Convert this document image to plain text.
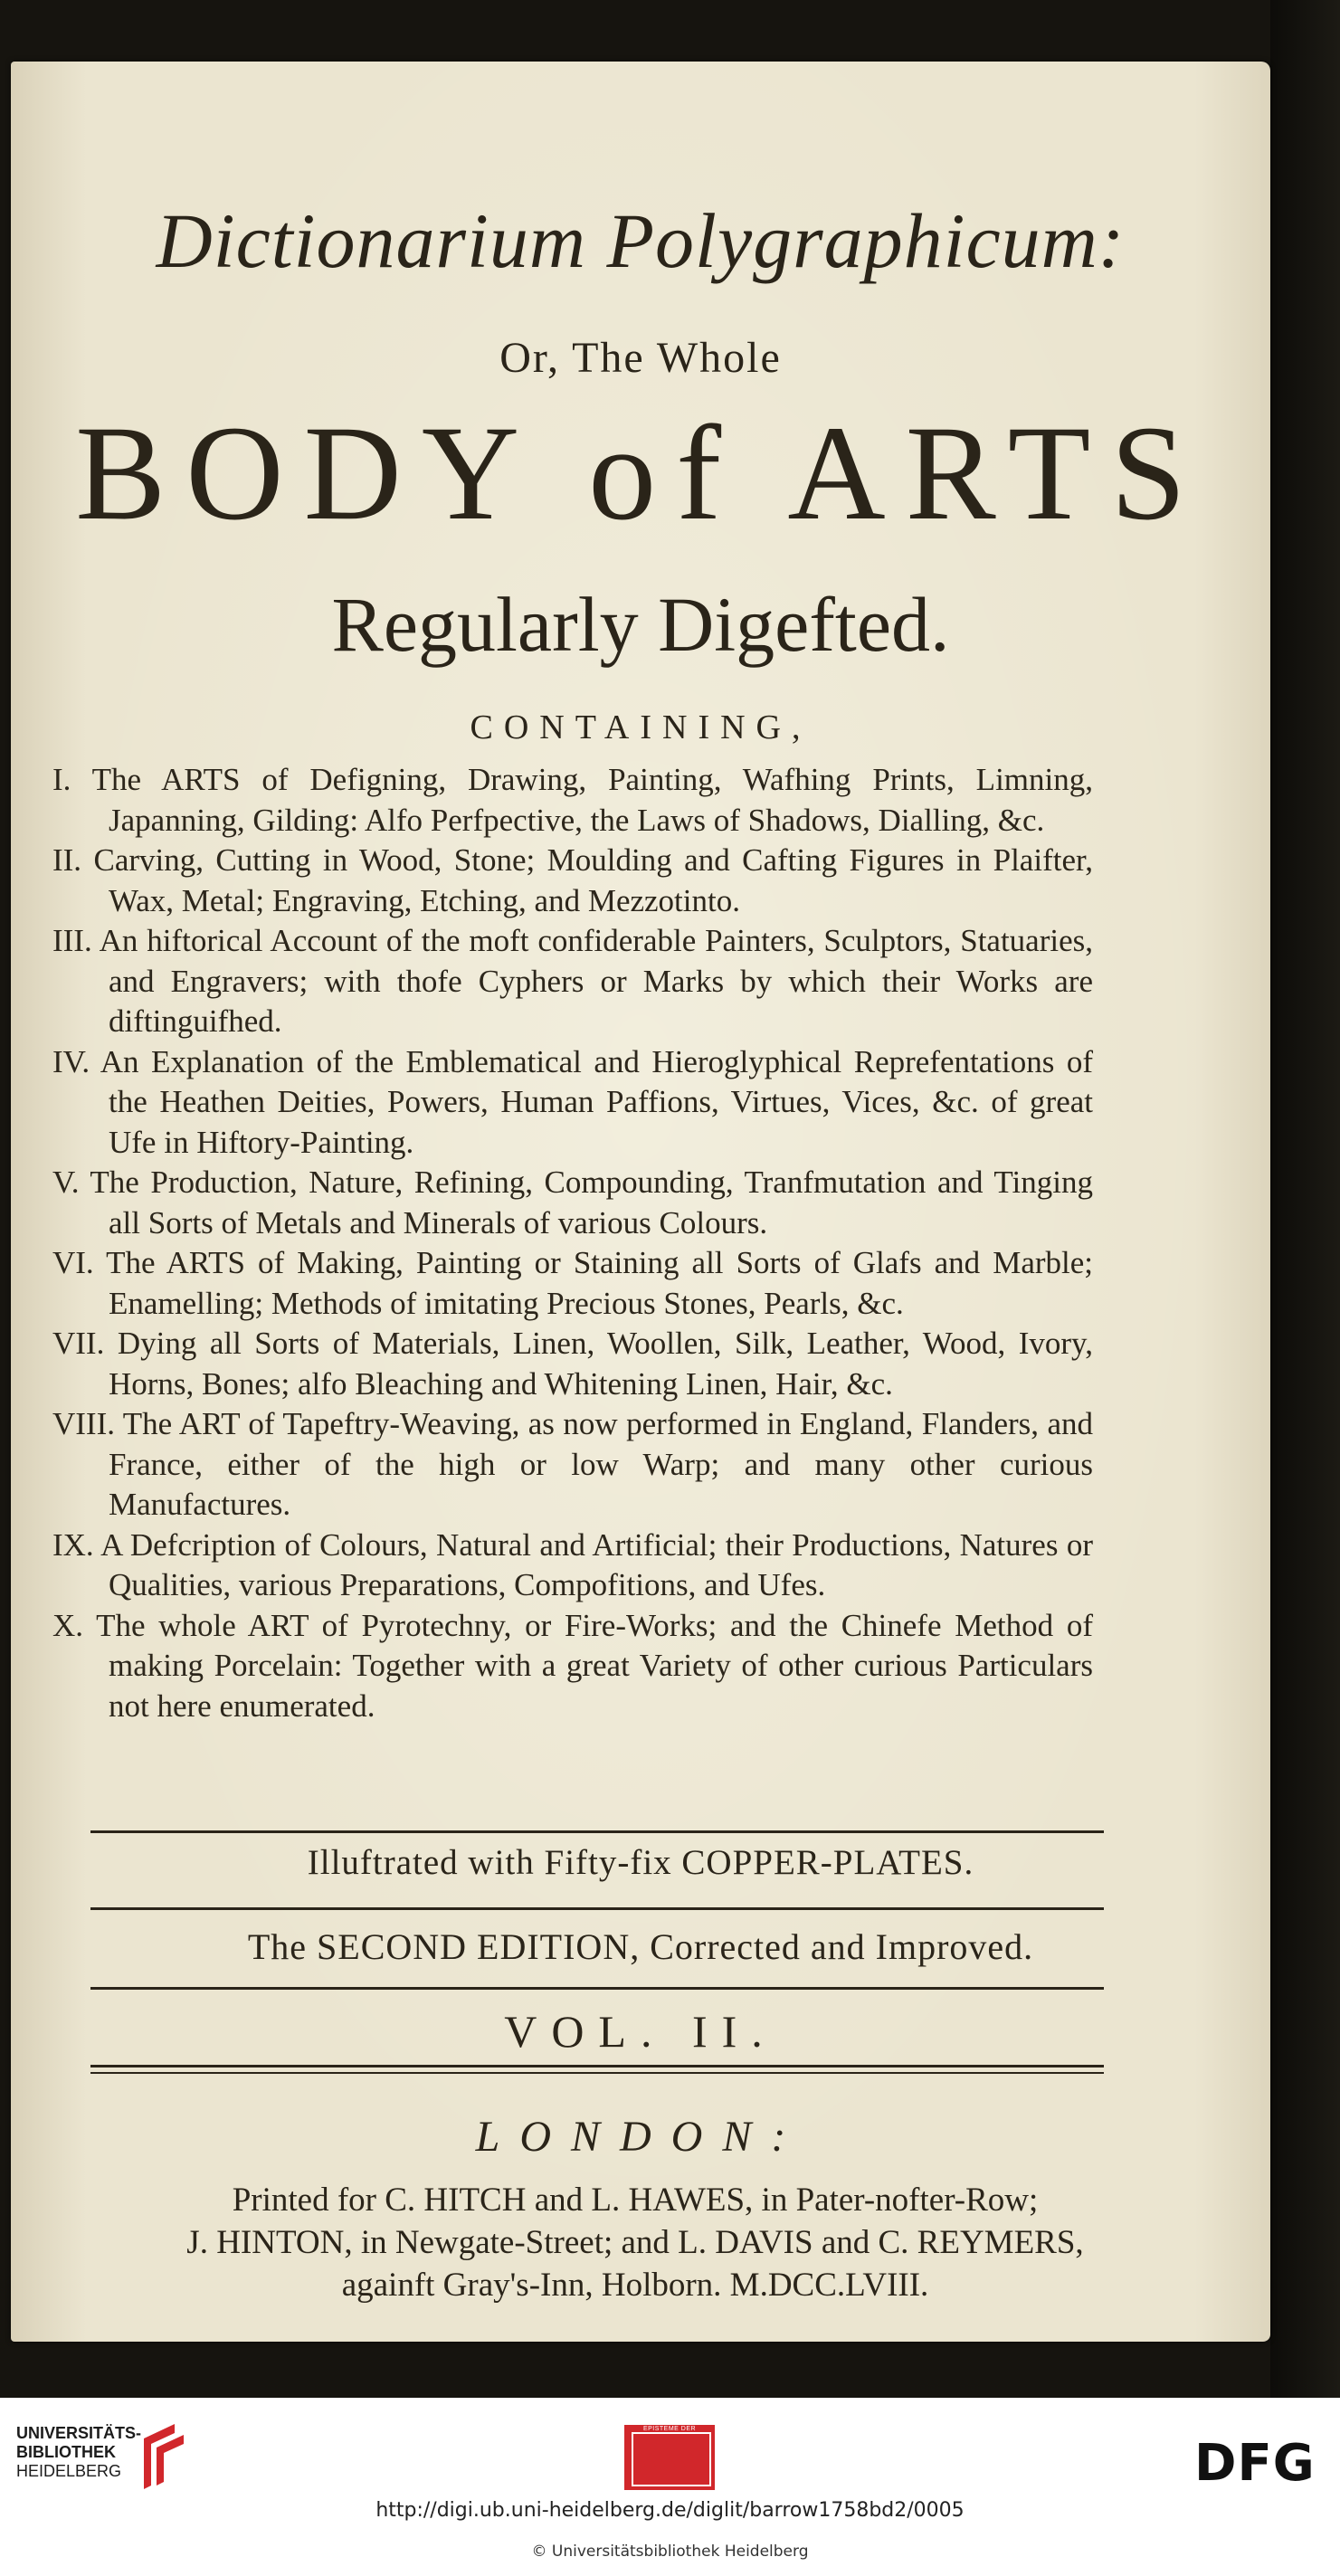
Dictionarium Polygraphicum:
Or, The Whole
BODY of ARTS
Regularly Digefted.
CONTAINING,
I. The ARTS of Defigning, Drawing, Painting, Wafhing Prints, Limning, Japanning, Gilding: Alfo Perfpective, the Laws of Shadows, Dialling, &c.
II. Carving, Cutting in Wood, Stone; Moulding and Cafting Figures in Plaifter, Wax, Metal; Engraving, Etching, and Mezzotinto.
III. An hiftorical Account of the moft confiderable Painters, Sculptors, Statuaries, and Engravers; with thofe Cyphers or Marks by which their Works are diftinguifhed.
IV. An Explanation of the Emblematical and Hieroglyphical Reprefentations of the Heathen Deities, Powers, Human Paffions, Virtues, Vices, &c. of great Ufe in Hiftory-Painting.
V. The Production, Nature, Refining, Compounding, Tranfmutation and Tinging all Sorts of Metals and Minerals of various Colours.
VI. The ARTS of Making, Painting or Staining all Sorts of Glafs and Marble; Enamelling; Methods of imitating Precious Stones, Pearls, &c.
VII. Dying all Sorts of Materials, Linen, Woollen, Silk, Leather, Wood, Ivory, Horns, Bones; alfo Bleaching and Whitening Linen, Hair, &c.
VIII. The ART of Tapeftry-Weaving, as now performed in England, Flanders, and France, either of the high or low Warp; and many other curious Manufactures.
IX. A Defcription of Colours, Natural and Artificial; their Productions, Natures or Qualities, various Preparations, Compofitions, and Ufes.
X. The whole ART of Pyrotechny, or Fire-Works; and the Chinefe Method of making Porcelain: Together with a great Variety of other curious Particulars not here enumerated.
Illuftrated with Fifty-fix COPPER-PLATES.
The SECOND EDITION, Corrected and Improved.
VOL. II.
LONDON:
Printed for C. HITCH and L. HAWES, in Pater-nofter-Row;
J. HINTON, in Newgate-Street; and L. DAVIS and C. REYMERS,
againft Gray's-Inn, Holborn. M.DCC.LVIII.
UNIVERSITÄTS-
BIBLIOTHEK
HEIDELBERG
EPISTEME DER
DFG
http://digi.ub.uni-heidelberg.de/diglit/barrow1758bd2/0005
© Universitätsbibliothek Heidelberg
